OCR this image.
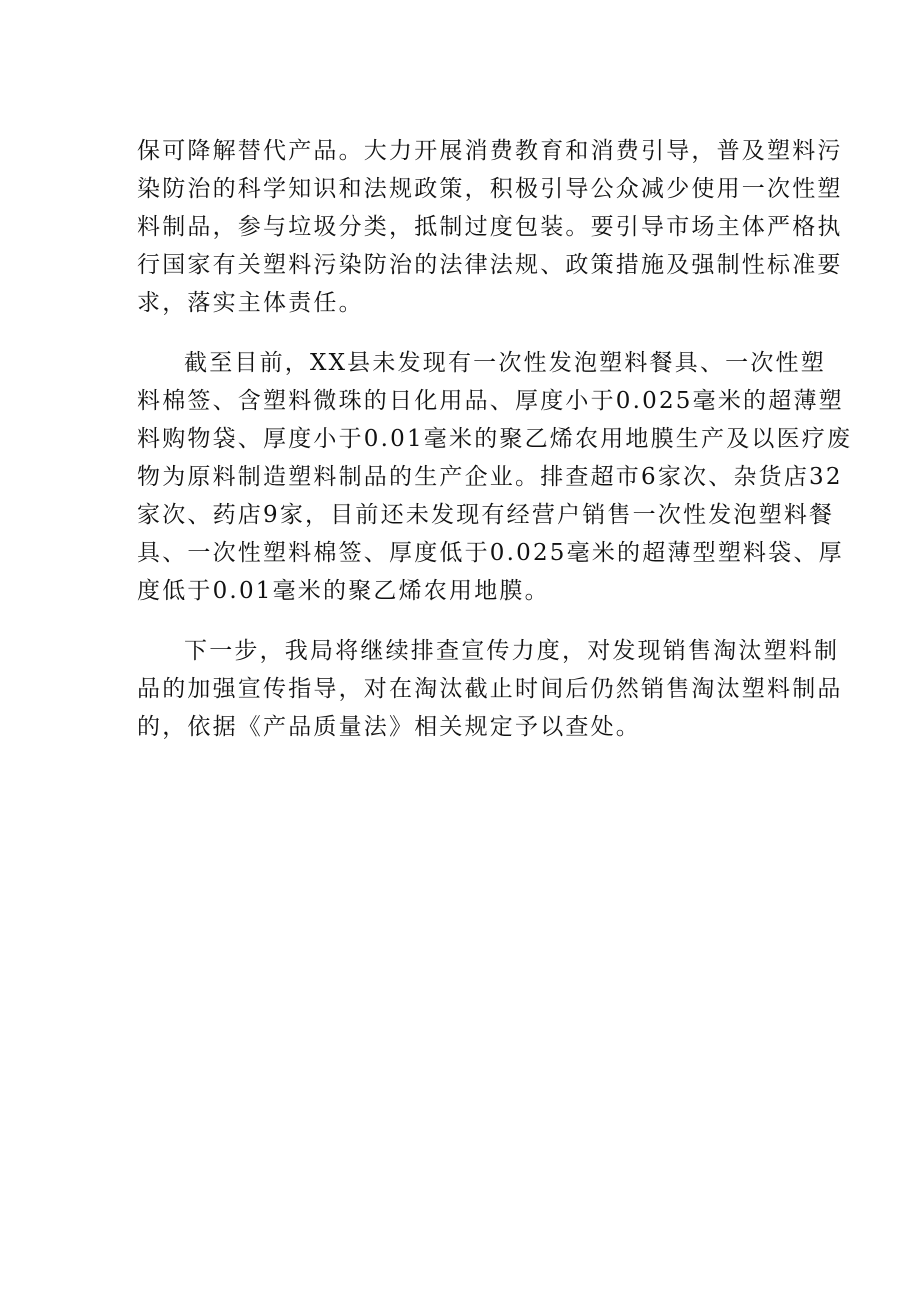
保可降解替代产品。大力开展消费教育和消费引导，普及塑料污
染防治的科学知识和法规政策，积极引导公众减少使用一次性塑
料制品，参与垃圾分类，抵制过度包装。要引导市场主体严格执
行国家有关塑料污染防治的法律法规、政策措施及强制性标准要
求，落实主体责任。
截至目前，XX县未发现有一次性发泡塑料餐具、一次性塑
料棉签、含塑料微珠的日化用品、厚度小于0.025毫米的超薄塑
料购物袋、厚度小于0.01毫米的聚乙烯农用地膜生产及以医疗废
物为原料制造塑料制品的生产企业。排查超市6家次、杂货店32
家次、药店9家，目前还未发现有经营户销售一次性发泡塑料餐
具、一次性塑料棉签、厚度低于0.025毫米的超薄型塑料袋、厚
度低于0.01毫米的聚乙烯农用地膜。
下一步，我局将继续排查宣传力度，对发现销售淘汰塑料制
品的加强宣传指导，对在淘汰截止时间后仍然销售淘汰塑料制品
的，依据《产品质量法》相关规定予以查处。
